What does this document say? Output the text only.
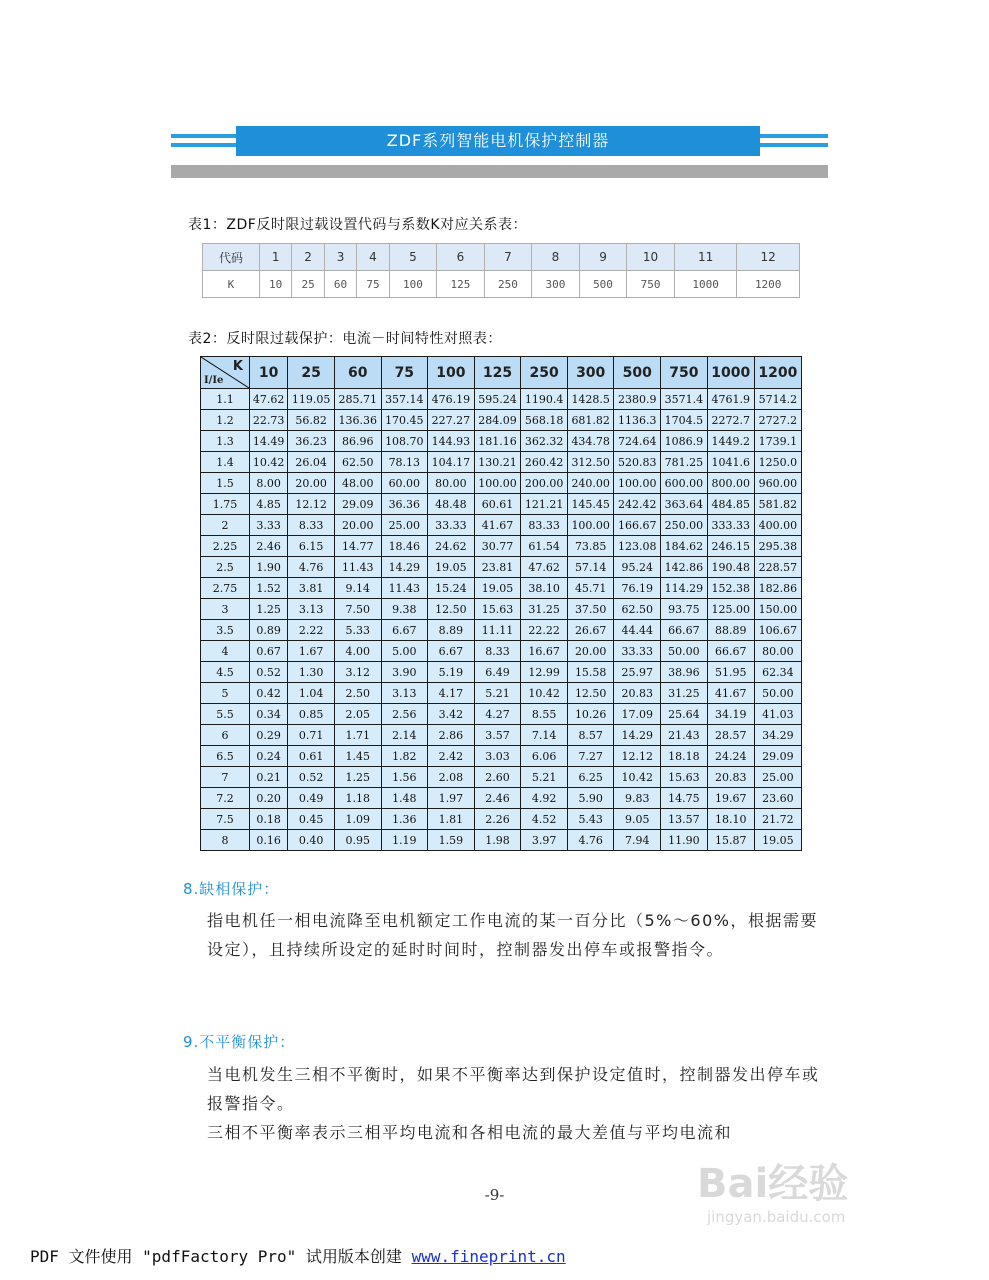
ZDF系列智能电机保护控制器
表1：ZDF反时限过载设置代码与系数K对应关系表：
代码	1	2	3	4	5	6	7	8	9	10	11	12
K	10	25	60	75	100	125	250	300	500	750	1000	1200
表2：反时限过载保护：电流－时间特性对照表：
K
I/Ie	10	25	60	75	100	125	250	300	500	750	1000	1200
1.1	47.62	119.05	285.71	357.14	476.19	595.24	1190.4	1428.5	2380.9	3571.4	4761.9	5714.2
1.2	22.73	56.82	136.36	170.45	227.27	284.09	568.18	681.82	1136.3	1704.5	2272.7	2727.2
1.3	14.49	36.23	86.96	108.70	144.93	181.16	362.32	434.78	724.64	1086.9	1449.2	1739.1
1.4	10.42	26.04	62.50	78.13	104.17	130.21	260.42	312.50	520.83	781.25	1041.6	1250.0
1.5	8.00	20.00	48.00	60.00	80.00	100.00	200.00	240.00	100.00	600.00	800.00	960.00
1.75	4.85	12.12	29.09	36.36	48.48	60.61	121.21	145.45	242.42	363.64	484.85	581.82
2	3.33	8.33	20.00	25.00	33.33	41.67	83.33	100.00	166.67	250.00	333.33	400.00
2.25	2.46	6.15	14.77	18.46	24.62	30.77	61.54	73.85	123.08	184.62	246.15	295.38
2.5	1.90	4.76	11.43	14.29	19.05	23.81	47.62	57.14	95.24	142.86	190.48	228.57
2.75	1.52	3.81	9.14	11.43	15.24	19.05	38.10	45.71	76.19	114.29	152.38	182.86
3	1.25	3.13	7.50	9.38	12.50	15.63	31.25	37.50	62.50	93.75	125.00	150.00
3.5	0.89	2.22	5.33	6.67	8.89	11.11	22.22	26.67	44.44	66.67	88.89	106.67
4	0.67	1.67	4.00	5.00	6.67	8.33	16.67	20.00	33.33	50.00	66.67	80.00
4.5	0.52	1.30	3.12	3.90	5.19	6.49	12.99	15.58	25.97	38.96	51.95	62.34
5	0.42	1.04	2.50	3.13	4.17	5.21	10.42	12.50	20.83	31.25	41.67	50.00
5.5	0.34	0.85	2.05	2.56	3.42	4.27	8.55	10.26	17.09	25.64	34.19	41.03
6	0.29	0.71	1.71	2.14	2.86	3.57	7.14	8.57	14.29	21.43	28.57	34.29
6.5	0.24	0.61	1.45	1.82	2.42	3.03	6.06	7.27	12.12	18.18	24.24	29.09
7	0.21	0.52	1.25	1.56	2.08	2.60	5.21	6.25	10.42	15.63	20.83	25.00
7.2	0.20	0.49	1.18	1.48	1.97	2.46	4.92	5.90	9.83	14.75	19.67	23.60
7.5	0.18	0.45	1.09	1.36	1.81	2.26	4.52	5.43	9.05	13.57	18.10	21.72
8	0.16	0.40	0.95	1.19	1.59	1.98	3.97	4.76	7.94	11.90	15.87	19.05
8.缺相保护：

指电机任一相电流降至电机额定工作电流的某一百分比（5%～60%，根据需要设定），且持续所设定的延时时间时，控制器发出停车或报警指令。

9.不平衡保护：
当电机发生三相不平衡时，如果不平衡率达到保护设定值时，控制器发出停车或报警指令。
三相不平衡率表示三相平均电流和各相电流的最大差值与平均电流和
-9-	Bai经验
jingyan.baidu.com
PDF 文件使用 "pdfFactory Pro" 试用版本创建 www.fineprint.cn
